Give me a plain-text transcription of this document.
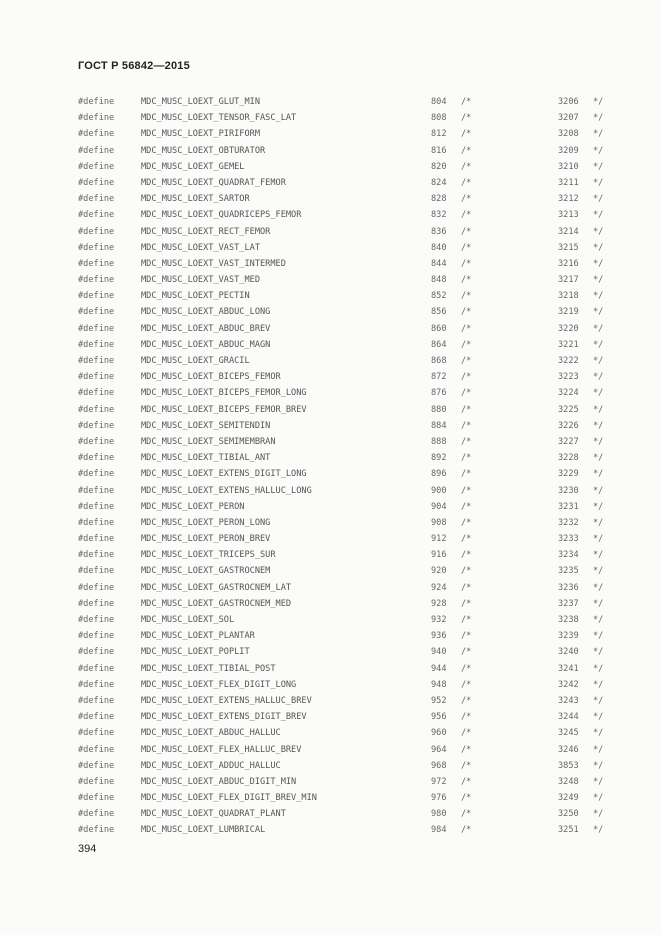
ГОСТ Р 56842—2015
#define	MDC_MUSC_LOEXT_GLUT_MIN	804 /*	3206 */
#define	MDC_MUSC_LOEXT_TENSOR_FASC_LAT	808 /*	3207 */
#define	MDC_MUSC_LOEXT_PIRIFORM	812 /*	3208 */
#define	MDC_MUSC_LOEXT_OBTURATOR	816 /*	3209 */
#define	MDC_MUSC_LOEXT_GEMEL	820 /*	3210 */
#define	MDC_MUSC_LOEXT_QUADRAT_FEMOR	824 /*	3211 */
#define	MDC_MUSC_LOEXT_SARTOR	828 /*	3212 */
#define	MDC_MUSC_LOEXT_QUADRICEPS_FEMOR	832 /*	3213 */
#define	MDC_MUSC_LOEXT_RECT_FEMOR	836 /*	3214 */
#define	MDC_MUSC_LOEXT_VAST_LAT	840 /*	3215 */
#define	MDC_MUSC_LOEXT_VAST_INTERMED	844 /*	3216 */
#define	MDC_MUSC_LOEXT_VAST_MED	848 /*	3217 */
#define	MDC_MUSC_LOEXT_PECTIN	852 /*	3218 */
#define	MDC_MUSC_LOEXT_ABDUC_LONG	856 /*	3219 */
#define	MDC_MUSC_LOEXT_ABDUC_BREV	860 /*	3220 */
#define	MDC_MUSC_LOEXT_ABDUC_MAGN	864 /*	3221 */
#define	MDC_MUSC_LOEXT_GRACIL	868 /*	3222 */
#define	MDC_MUSC_LOEXT_BICEPS_FEMOR	872 /*	3223 */
#define	MDC_MUSC_LOEXT_BICEPS_FEMOR_LONG	876 /*	3224 */
#define	MDC_MUSC_LOEXT_BICEPS_FEMOR_BREV	880 /*	3225 */
#define	MDC_MUSC_LOEXT_SEMITENDIN	884 /*	3226 */
#define	MDC_MUSC_LOEXT_SEMIMEMBRAN	888 /*	3227 */
#define	MDC_MUSC_LOEXT_TIBIAL_ANT	892 /*	3228 */
#define	MDC_MUSC_LOEXT_EXTENS_DIGIT_LONG	896 /*	3229 */
#define	MDC_MUSC_LOEXT_EXTENS_HALLUC_LONG	900 /*	3230 */
#define	MDC_MUSC_LOEXT_PERON	904 /*	3231 */
#define	MDC_MUSC_LOEXT_PERON_LONG	908 /*	3232 */
#define	MDC_MUSC_LOEXT_PERON_BREV	912 /*	3233 */
#define	MDC_MUSC_LOEXT_TRICEPS_SUR	916 /*	3234 */
#define	MDC_MUSC_LOEXT_GASTROCNEM	920 /*	3235 */
#define	MDC_MUSC_LOEXT_GASTROCNEM_LAT	924 /*	3236 */
#define	MDC_MUSC_LOEXT_GASTROCNEM_MED	928 /*	3237 */
#define	MDC_MUSC_LOEXT_SOL	932 /*	3238 */
#define	MDC_MUSC_LOEXT_PLANTAR	936 /*	3239 */
#define	MDC_MUSC_LOEXT_POPLIT	940 /*	3240 */
#define	MDC_MUSC_LOEXT_TIBIAL_POST	944 /*	3241 */
#define	MDC_MUSC_LOEXT_FLEX_DIGIT_LONG	948 /*	3242 */
#define	MDC_MUSC_LOEXT_EXTENS_HALLUC_BREV	952 /*	3243 */
#define	MDC_MUSC_LOEXT_EXTENS_DIGIT_BREV	956 /*	3244 */
#define	MDC_MUSC_LOEXT_ABDUC_HALLUC	960 /*	3245 */
#define	MDC_MUSC_LOEXT_FLEX_HALLUC_BREV	964 /*	3246 */
#define	MDC_MUSC_LOEXT_ADDUC_HALLUC	968 /*	3853 */
#define	MDC_MUSC_LOEXT_ABDUC_DIGIT_MIN	972 /*	3248 */
#define	MDC_MUSC_LOEXT_FLEX_DIGIT_BREV_MIN	976 /*	3249 */
#define	MDC_MUSC_LOEXT_QUADRAT_PLANT	980 /*	3250 */
#define	MDC_MUSC_LOEXT_LUMBRICAL	984 /*	3251 */
394
